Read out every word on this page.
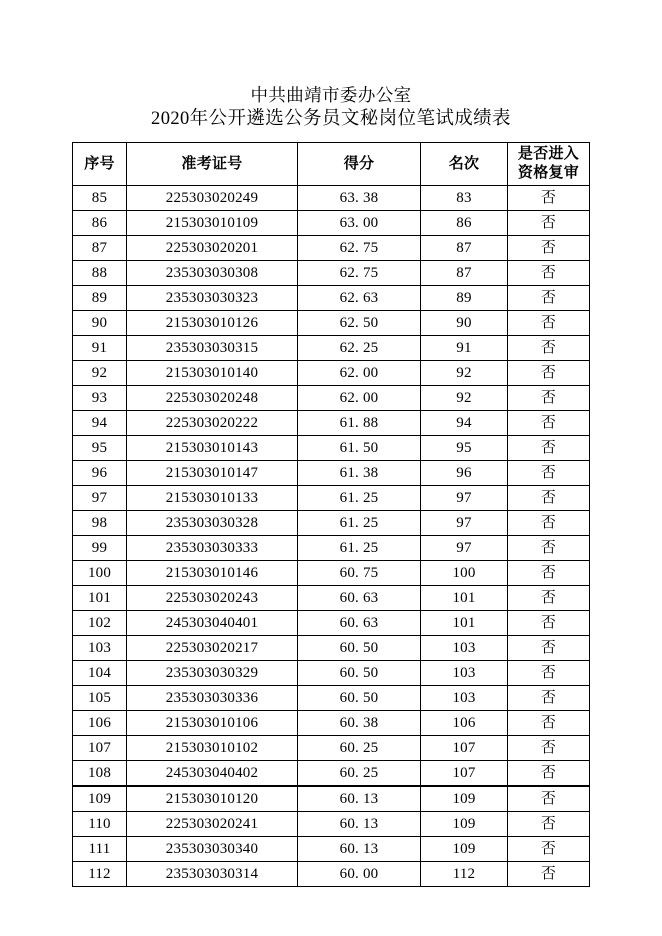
中共曲靖市委办公室
2020年公开遴选公务员文秘岗位笔试成绩表
序号	准考证号	得分	名次	是否进入
资格复审

85	225303020249	63. 38	83	否
86	215303010109	63. 00	86	否
87	225303020201	62. 75	87	否
88	235303030308	62. 75	87	否
89	235303030323	62. 63	89	否
90	215303010126	62. 50	90	否
91	235303030315	62. 25	91	否
92	215303010140	62. 00	92	否
93	225303020248	62. 00	92	否
94	225303020222	61. 88	94	否
95	215303010143	61. 50	95	否
96	215303010147	61. 38	96	否
97	215303010133	61. 25	97	否
98	235303030328	61. 25	97	否
99	235303030333	61. 25	97	否
100	215303010146	60. 75	100	否
101	225303020243	60. 63	101	否
102	245303040401	60. 63	101	否
103	225303020217	60. 50	103	否
104	235303030329	60. 50	103	否
105	235303030336	60. 50	103	否
106	215303010106	60. 38	106	否
107	215303010102	60. 25	107	否
108	245303040402	60. 25	107	否
109	215303010120	60. 13	109	否
110	225303020241	60. 13	109	否
111	235303030340	60. 13	109	否
112	235303030314	60. 00	112	否
